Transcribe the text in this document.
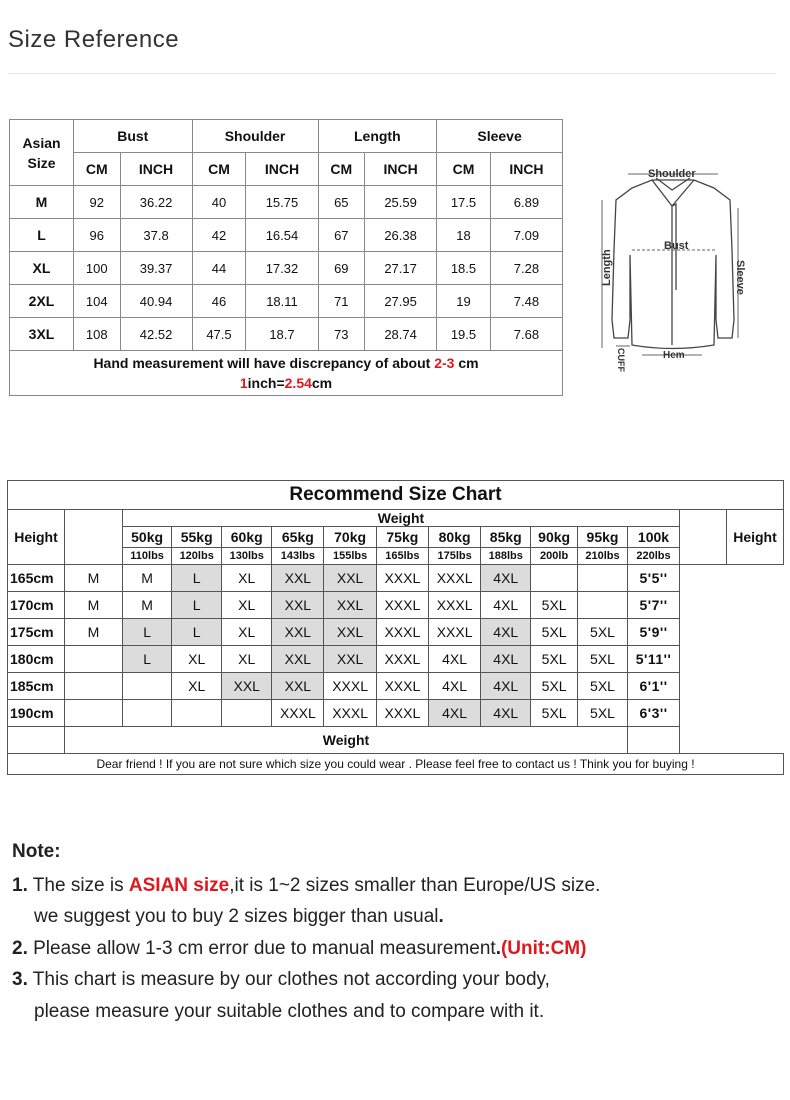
Size Reference
Asian
Size	Bust		Shoulder		Length		Sleeve	
	CM	INCH	CM	INCH	CM	INCH	CM	INCH
M	92	36.22	40	15.75	65	25.59	17.5	6.89
L	96	37.8	42	16.54	67	26.38	18	7.09
XL	100	39.37	44	17.32	69	27.17	18.5	7.28
2XL	104	40.94	46	18.11	71	27.95	19	7.48
3XL	108	42.52	47.5	18.7	73	28.74	19.5	7.68
Hand measurement will have discrepancy of about 2-3 cm
1inch=2.54cm								
Shoulder
Bust
Length	Sleeve
CUFF	Hem
Recommend Size Chart														
Height		Weight												Height
		50kg	55kg	60kg	65kg	70kg	75kg	80kg	85kg	90kg	95kg	100k		
		110lbs	120lbs	130lbs	143lbs	155lbs	165lbs	175lbs	188lbs	200lb	210lbs	220lbs		
165cm	M	M	L	XL	XXL	XXL	XXXL	XXXL	4XL			5'5''		
170cm	M	M	L	XL	XXL	XXL	XXXL	XXXL	4XL	5XL		5'7''		
175cm	M	L	L	XL	XXL	XXL	XXXL	XXXL	4XL	5XL	5XL	5'9''		
180cm		L	XL	XL	XXL	XXL	XXXL	4XL	4XL	5XL	5XL	5'11''		
185cm			XL	XXL	XXL	XXXL	XXXL	4XL	4XL	5XL	5XL	6'1''		
190cm					XXXL	XXXL	XXXL	4XL	4XL	5XL	5XL	6'3''		
	Weight													
Dear friend ! If you are not sure which size you could wear . Please feel free to contact us ! Think you for buying !														
Note:
1. The size is ASIAN size,it is 1~2 sizes smaller than Europe/US size.
we suggest you to buy 2 sizes bigger than usual.
2. Please allow 1-3 cm error due to manual measurement.(Unit:CM)
3. This chart is measure by our clothes not according your body,
please measure your suitable clothes and to compare with it.
